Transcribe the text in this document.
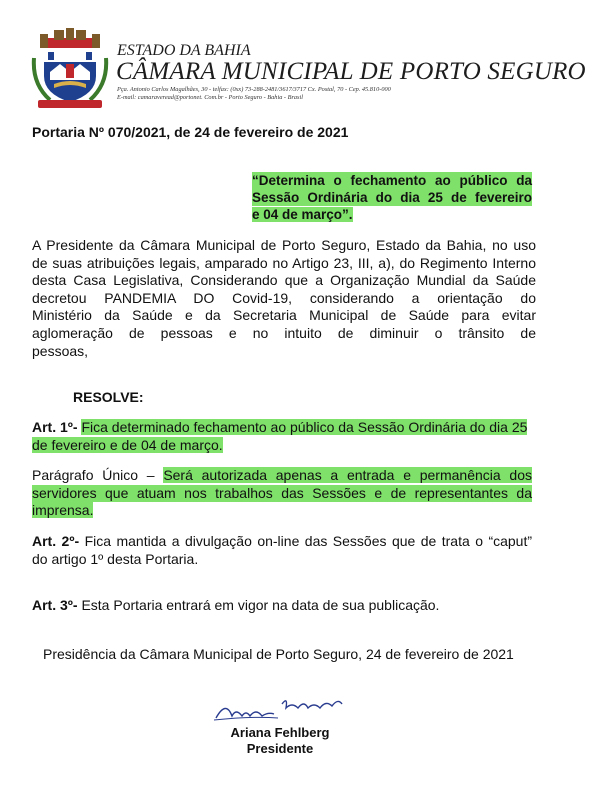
ESTADO DA BAHIA
CÂMARA MUNICIPAL DE PORTO SEGURO
Pça. Antonio Carlos Magalhães, 30 - telfax: (0xx) 73-288-2481/3617/3717 Cx. Postal, 70 - Cep. 45.810-000
E-mail: camaraveread@portonet. Com.br - Porto Seguro - Bahia - Brasil
Portaria Nº 070/2021, de 24 de fevereiro de 2021
“Determina o fechamento ao público da
Sessão Ordinária do dia 25 de fevereiro
e 04 de março”.
A Presidente da Câmara Municipal de Porto Seguro, Estado da Bahia, no uso
de suas atribuições legais, amparado no Artigo 23, III, a), do Regimento Interno
desta Casa Legislativa, Considerando que a Organização Mundial da Saúde
decretou PANDEMIA DO Covid-19, considerando a orientação do
Ministério da Saúde e da Secretaria Municipal de Saúde para evitar
aglomeração de pessoas e no intuito de diminuir o trânsito de
pessoas,
RESOLVE:
Art. 1º- Fica determinado fechamento ao público da Sessão Ordinária do dia 25
de fevereiro e de 04 de março.
Parágrafo Único – Será autorizada apenas a entrada e permanência dos
servidores que atuam nos trabalhos das Sessões e de representantes da
imprensa.
Art. 2º- Fica mantida a divulgação on-line das Sessões que de trata o “caput”
do artigo 1º desta Portaria.
Art. 3º- Esta Portaria entrará em vigor na data de sua publicação.
Presidência da Câmara Municipal de Porto Seguro, 24 de fevereiro de 2021
Ariana Fehlberg
Presidente
